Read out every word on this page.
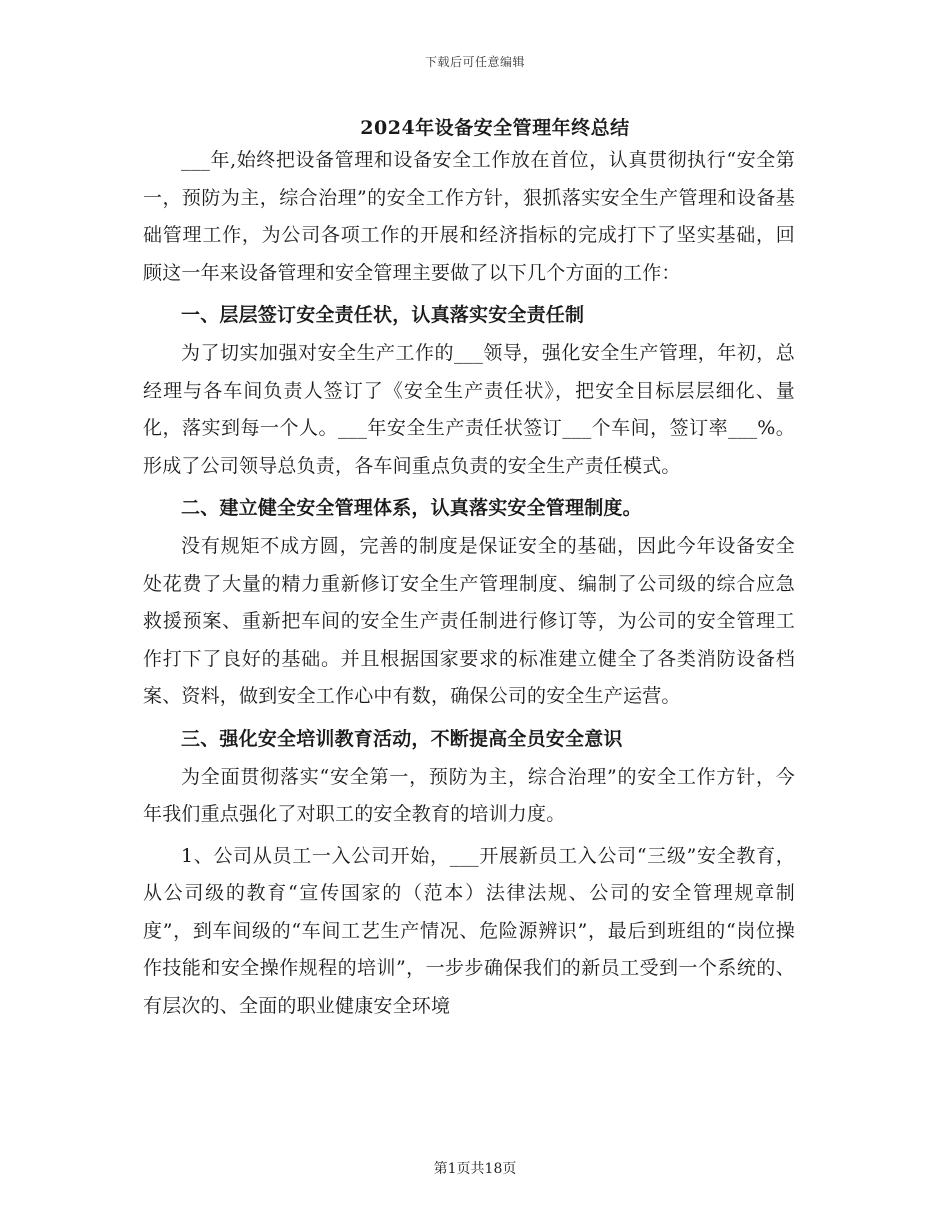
下载后可任意编辑
2024年设备安全管理年终总结

___年,始终把设备管理和设备安全工作放在首位，认真贯彻执行“安全第一，预防为主，综合治理”的安全工作方针，狠抓落实安全生产管理和设备基础管理工作，为公司各项工作的开展和经济指标的完成打下了坚实基础，回顾这一年来设备管理和安全管理主要做了以下几个方面的工作：

一、层层签订安全责任状，认真落实安全责任制

为了切实加强对安全生产工作的___领导，强化安全生产管理，年初，总经理与各车间负责人签订了《安全生产责任状》，把安全目标层层细化、量化，落实到每一个人。___年安全生产责任状签订___个车间，签订率___%。形成了公司领导总负责，各车间重点负责的安全生产责任模式。

二、建立健全安全管理体系，认真落实安全管理制度。

没有规矩不成方圆，完善的制度是保证安全的基础，因此今年设备安全处花费了大量的精力重新修订安全生产管理制度、编制了公司级的综合应急救援预案、重新把车间的安全生产责任制进行修订等，为公司的安全管理工作打下了良好的基础。并且根据国家要求的标准建立健全了各类消防设备档案、资料，做到安全工作心中有数，确保公司的安全生产运营。

三、强化安全培训教育活动，不断提高全员安全意识

为全面贯彻落实“安全第一，预防为主，综合治理”的安全工作方针，今年我们重点强化了对职工的安全教育的培训力度。

1、公司从员工一入公司开始，___开展新员工入公司“三级”安全教育，从公司级的教育“宣传国家的（范本）法律法规、公司的安全管理规章制度”，到车间级的“车间工艺生产情况、危险源辨识”，最后到班组的“岗位操作技能和安全操作规程的培训”，一步步确保我们的新员工受到一个系统的、有层次的、全面的职业健康安全环境

第1页共18页
